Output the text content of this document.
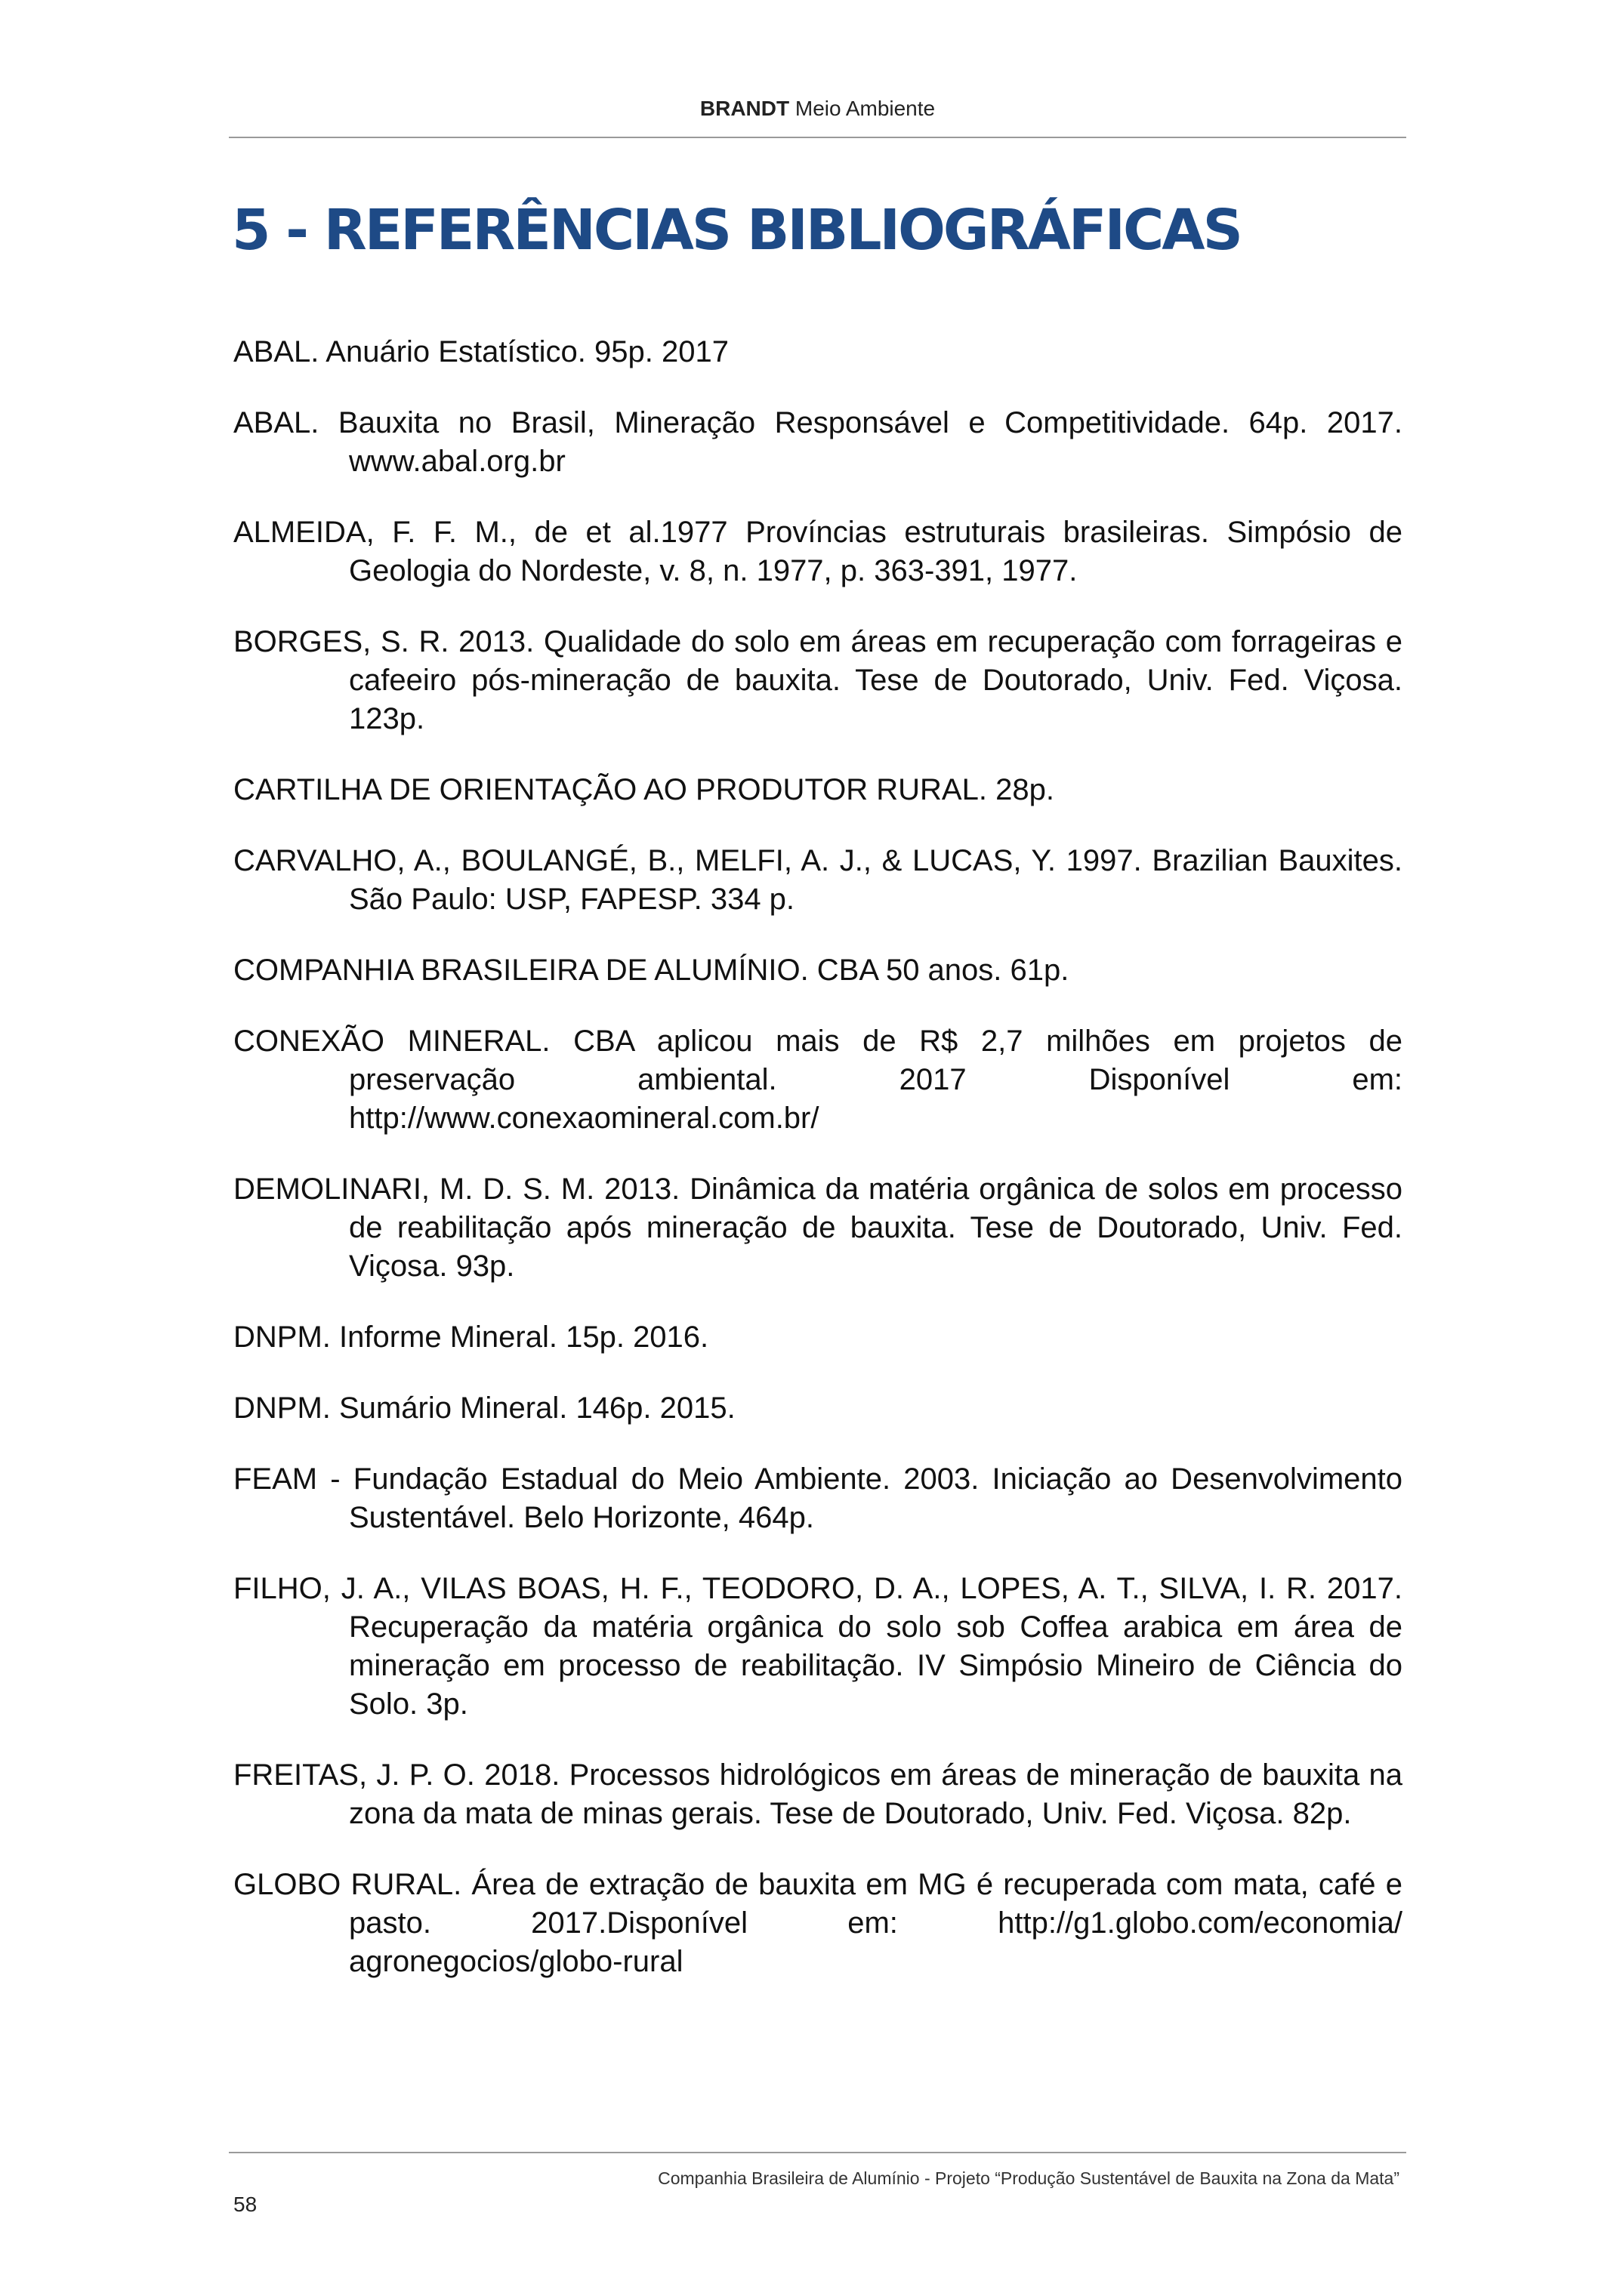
BRANDT Meio Ambiente
5 - REFERÊNCIAS BIBLIOGRÁFICAS
ABAL. Anuário Estatístico. 95p. 2017
ABAL. Bauxita no Brasil, Mineração Responsável e Competitividade. 64p. 2017. www.abal.org.br
ALMEIDA, F. F. M., de et al.1977 Províncias estruturais brasileiras. Simpósio de Geologia do Nordeste, v. 8, n. 1977, p. 363-391, 1977.
BORGES, S. R. 2013. Qualidade do solo em áreas em recuperação com forrageiras e cafeeiro pós-mineração de bauxita. Tese de Doutorado, Univ. Fed. Viçosa. 123p.
CARTILHA DE ORIENTAÇÃO AO PRODUTOR RURAL. 28p.
CARVALHO, A., BOULANGÉ, B., MELFI, A. J., & LUCAS, Y. 1997. Brazilian Bauxites. São Paulo: USP, FAPESP. 334 p.
COMPANHIA BRASILEIRA DE ALUMÍNIO. CBA 50 anos. 61p.
CONEXÃO MINERAL. CBA aplicou mais de R$ 2,7 milhões em projetos de preservação ambiental. 2017 Disponível em: http://www.conexaomineral.com.br/
DEMOLINARI, M. D. S. M. 2013. Dinâmica da matéria orgânica de solos em processo de reabilitação após mineração de bauxita. Tese de Doutorado, Univ. Fed. Viçosa. 93p.
DNPM. Informe Mineral. 15p. 2016.
DNPM. Sumário Mineral. 146p. 2015.
FEAM - Fundação Estadual do Meio Ambiente. 2003. Iniciação ao Desenvolvimento Sustentável. Belo Horizonte, 464p.
FILHO, J. A., VILAS BOAS, H. F., TEODORO, D. A., LOPES, A. T., SILVA, I. R. 2017. Recuperação da matéria orgânica do solo sob Coffea arabica em área de mineração em processo de reabilitação. IV Simpósio Mineiro de Ciência do Solo. 3p.
FREITAS, J. P. O. 2018. Processos hidrológicos em áreas de mineração de bauxita na zona da mata de minas gerais. Tese de Doutorado, Univ. Fed. Viçosa. 82p.
GLOBO RURAL. Área de extração de bauxita em MG é recuperada com mata, café e pasto. 2017.Disponível em: http://g1.globo.com/economia/ agronegocios/globo-rural
Companhia Brasileira de Alumínio - Projeto “Produção Sustentável de Bauxita na Zona da Mata”
58
